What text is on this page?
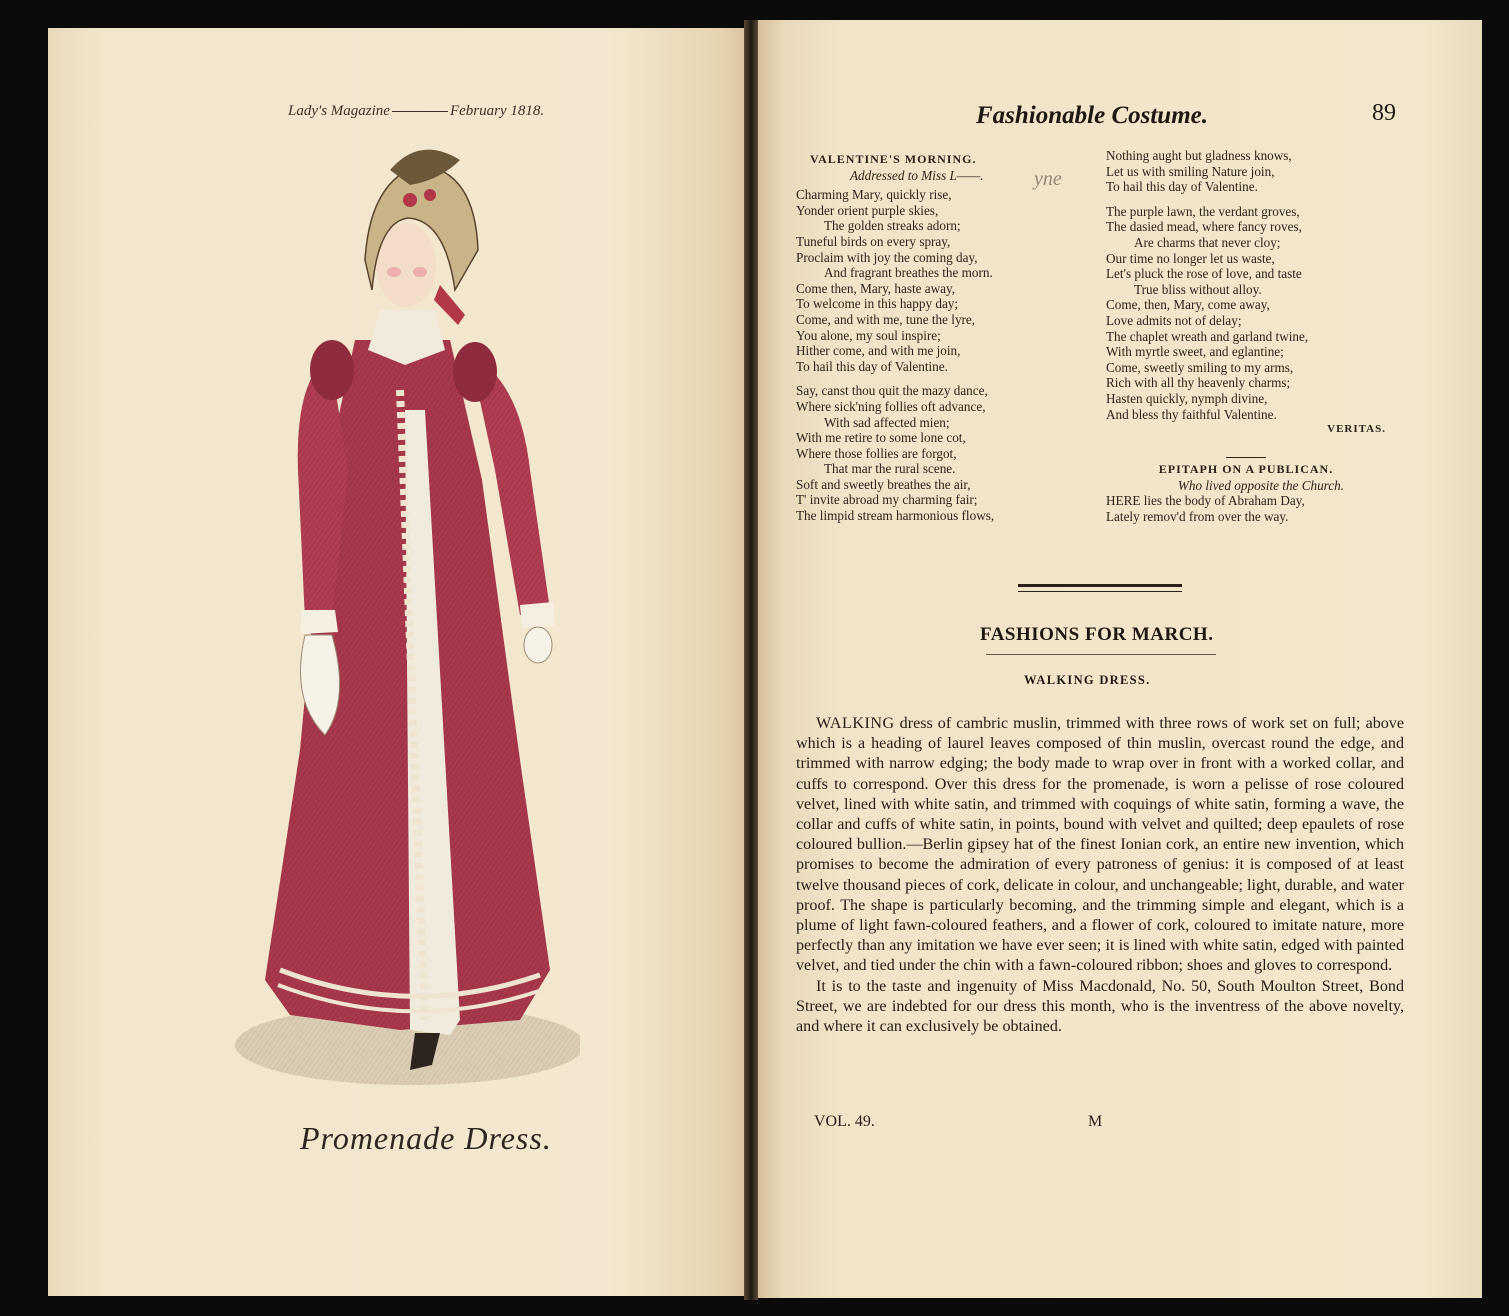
Lady's Magazine	February 1818.
Promenade Dress.
Fashionable Costume.	89
VALENTINE'S MORNING.
Addressed to Miss L——.
Charming Mary, quickly rise,
Yonder orient purple skies,
The golden streaks adorn;
Tuneful birds on every spray,
Proclaim with joy the coming day,
And fragrant breathes the morn.
Come then, Mary, haste away,
To welcome in this happy day;
Come, and with me, tune the lyre,
You alone, my soul inspire;
Hither come, and with me join,
To hail this day of Valentine.
Say, canst thou quit the mazy dance,
Where sick'ning follies oft advance,
With sad affected mien;
With me retire to some lone cot,
Where those follies are forgot,
That mar the rural scene.
Soft and sweetly breathes the air,
T' invite abroad my charming fair;
The limpid stream harmonious flows,
yne
Nothing aught but gladness knows,
Let us with smiling Nature join,
To hail this day of Valentine.
The purple lawn, the verdant groves,
The dasied mead, where fancy roves,
Are charms that never cloy;
Our time no longer let us waste,
Let's pluck the rose of love, and taste
True bliss without alloy.
Come, then, Mary, come away,
Love admits not of delay;
The chaplet wreath and garland twine,
With myrtle sweet, and eglantine;
Come, sweetly smiling to my arms,
Rich with all thy heavenly charms;
Hasten quickly, nymph divine,
And bless thy faithful Valentine.
VERITAS.
EPITAPH ON A PUBLICAN.
Who lived opposite the Church.
HERE lies the body of Abraham Day,
Lately remov'd from over the way.
FASHIONS FOR MARCH.
WALKING DRESS.

WALKING dress of cambric muslin, trimmed with three rows of work set on full; above which is a heading of laurel leaves composed of thin muslin, overcast round the edge, and trimmed with narrow edging; the body made to wrap over in front with a worked collar, and cuffs to correspond. Over this dress for the promenade, is worn a pelisse of rose coloured velvet, lined with white satin, and trimmed with coquings of white satin, forming a wave, the collar and cuffs of white satin, in points, bound with velvet and quilted; deep epaulets of rose coloured bullion.—Berlin gipsey hat of the finest Ionian cork, an entire new invention, which promises to become the admiration of every patroness of genius: it is composed of at least twelve thousand pieces of cork, delicate in colour, and unchangeable; light, durable, and water proof. The shape is particularly becoming, and the trimming simple and elegant, which is a plume of light fawn-coloured feathers, and a flower of cork, coloured to imitate nature, more perfectly than any imitation we have ever seen; it is lined with white satin, edged with painted velvet, and tied under the chin with a fawn-coloured ribbon; shoes and gloves to correspond.

It is to the taste and ingenuity of Miss Macdonald, No. 50, South Moulton Street, Bond Street, we are indebted for our dress this month, who is the inventress of the above novelty, and where it can exclusively be obtained.

VOL. 49.	M
